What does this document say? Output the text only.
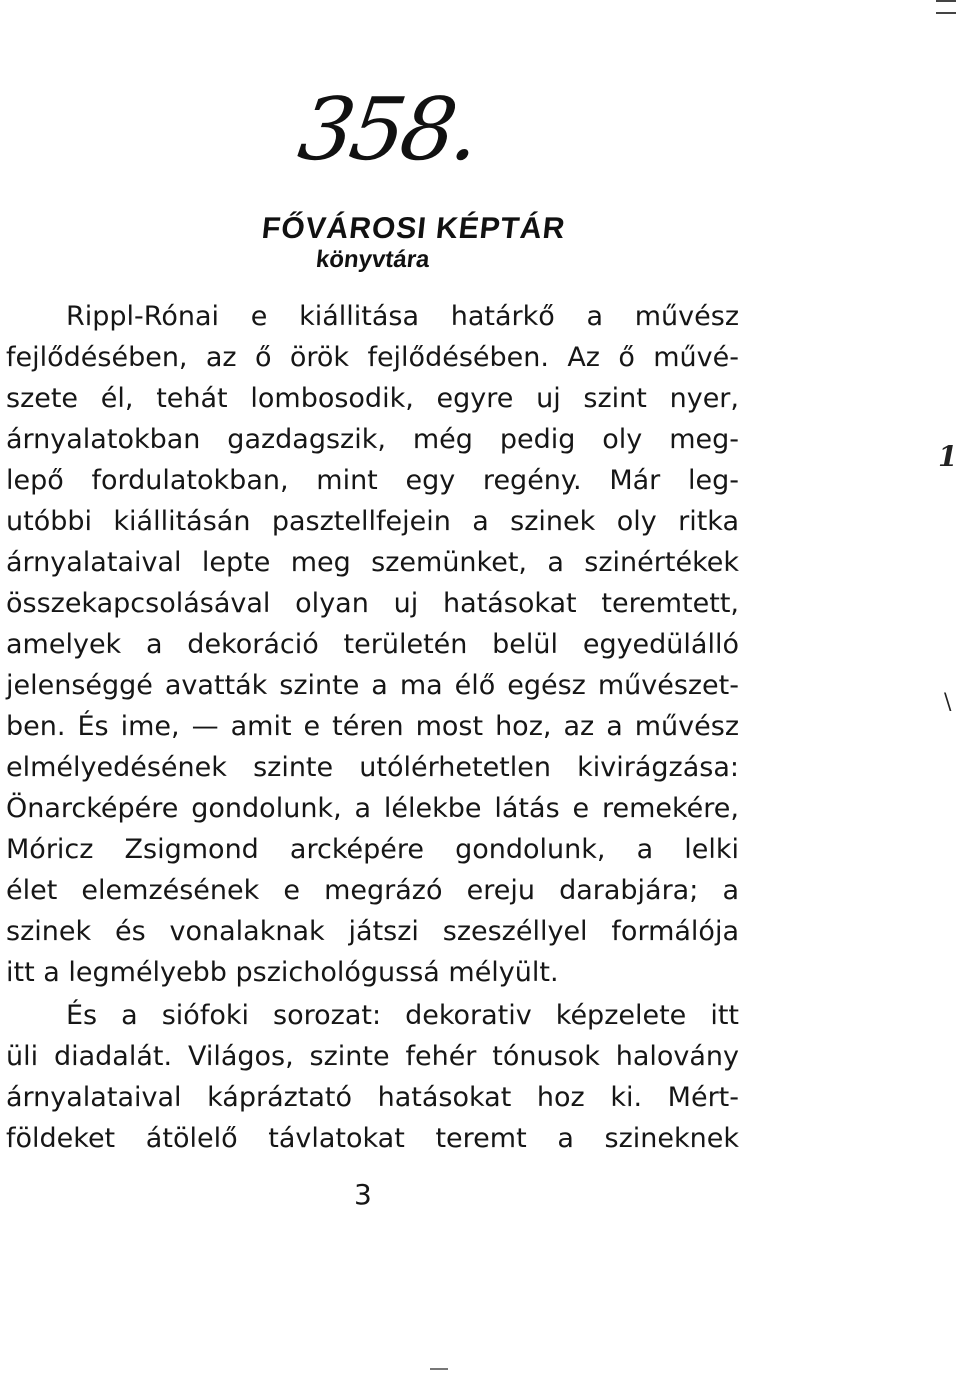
358.
FŐVÁROSI KÉPTÁR
könyvtára
Rippl-Rónai e kiállitása határkő a művész
fejlődésében, az ő örök fejlődésében. Az ő művé-
szete él, tehát lombosodik, egyre uj szint nyer,
árnyalatokban gazdagszik, még pedig oly meg-
lepő fordulatokban, mint egy regény. Már leg-
utóbbi kiállitásán pasztellfejein a szinek oly ritka
árnyalataival lepte meg szemünket, a szinértékek
összekapcsolásával olyan uj hatásokat teremtett,
amelyek a dekoráció területén belül egyedülálló
jelenséggé avatták szinte a ma élő egész művészet-
ben. És ime, — amit e téren most hoz, az a művész
elmélyedésének szinte utólérhetetlen kivirágzása:
Önarcképére gondolunk, a lélekbe látás e remekére,
Móricz Zsigmond arcképére gondolunk, a lelki
élet elemzésének e megrázó ereju darabjára; a
szinek és vonalaknak játszi szeszéllyel formálója
itt a legmélyebb pszichológussá mélyült.
És a siófoki sorozat: dekorativ képzelete itt
üli diadalát. Világos, szinte fehér tónusok halovány
árnyalataival kápráztató hatásokat hoz ki. Mért-
földeket átölelő távlatokat teremt a szineknek
3
1
\
